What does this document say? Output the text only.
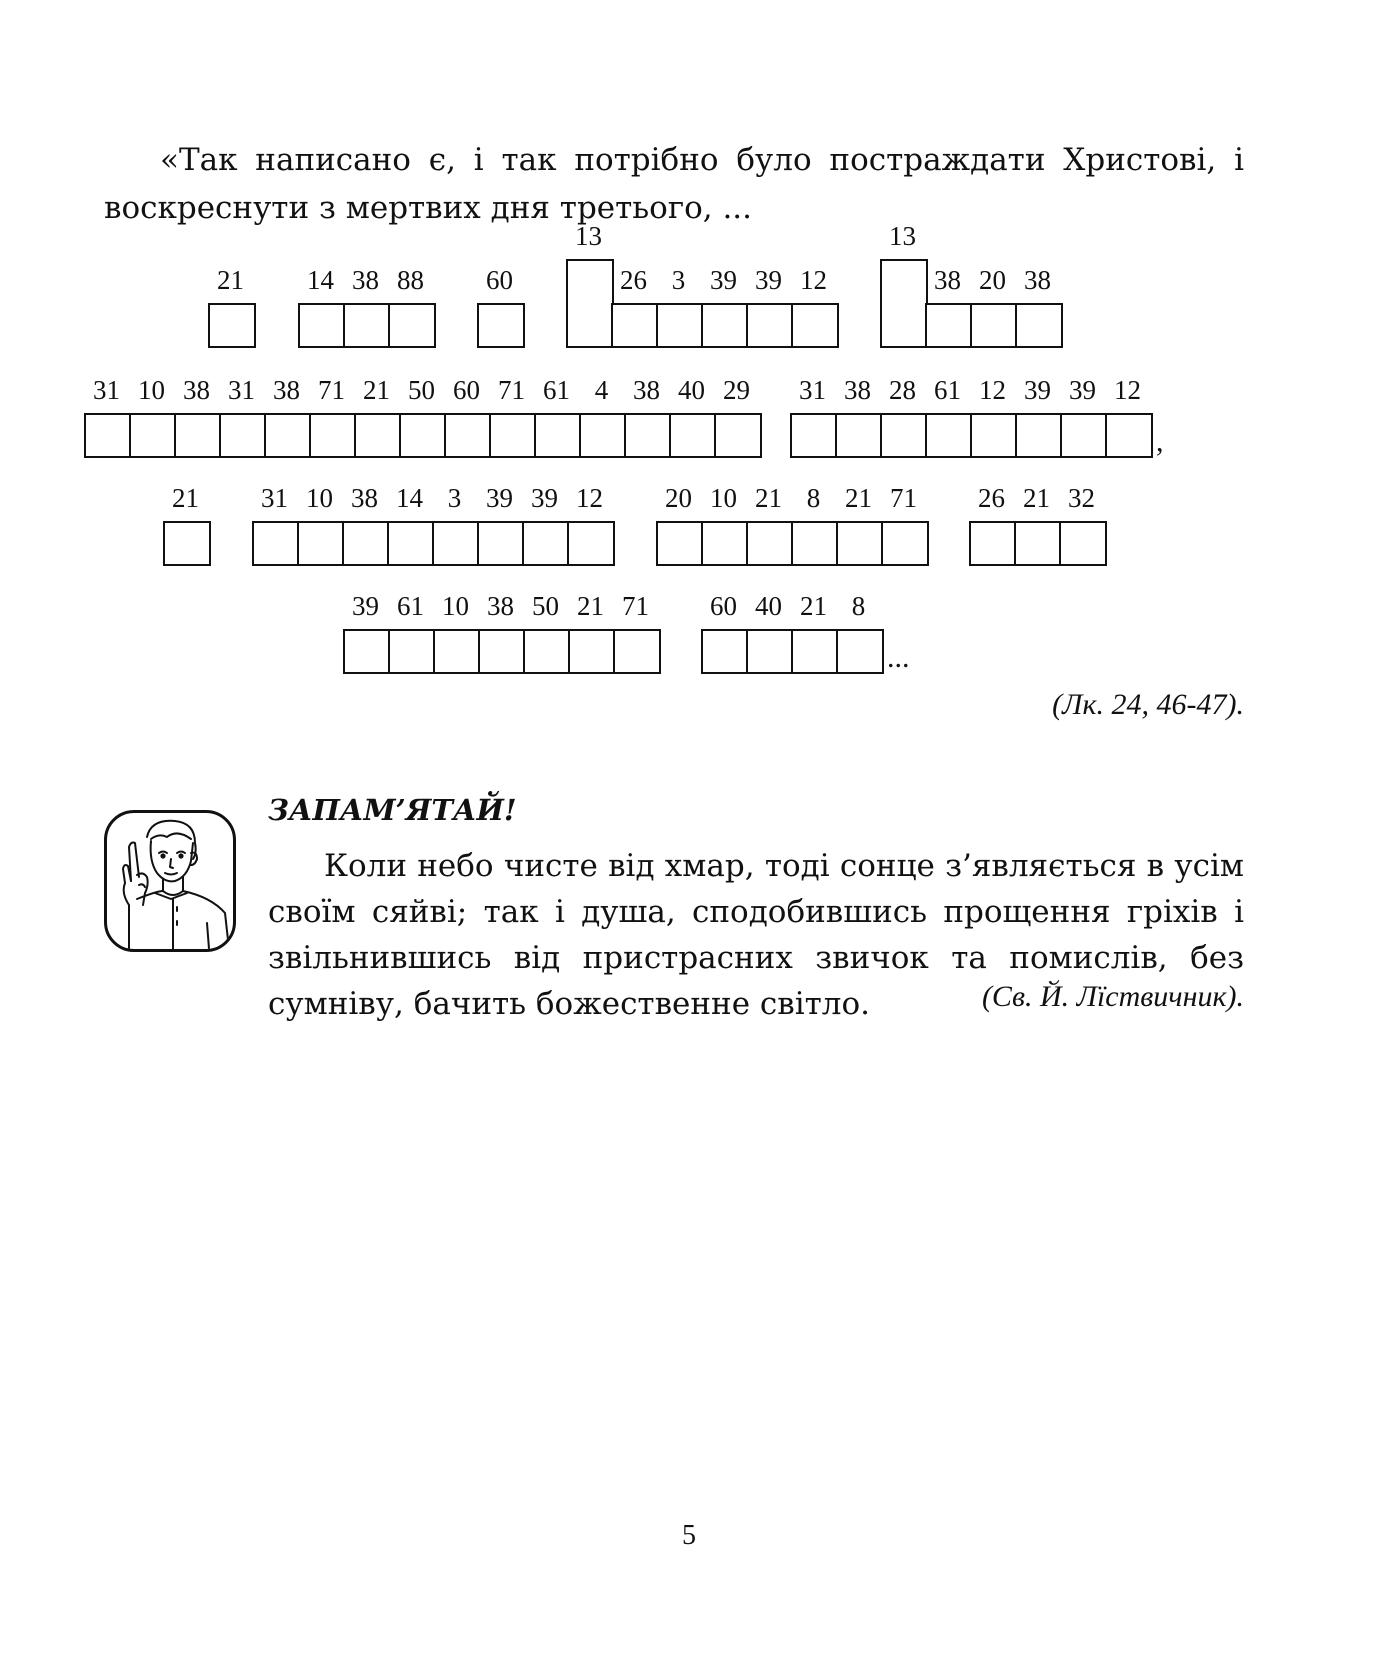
«Так написано є, і так потрібно було постраждати Христові, і воскреснути з мертвих дня третього, ...

21	14 38 88	60
13
26 3 39 39 12
13
38 20 38
31 10 38 31 38 71 21 50 60 71 61 4 38 40 29	31 38 28 61 12 39 39 12
,
21	31 10 38 14 3 39 39 12	20 10 21 8 21 71	26 21 32
39 61 10 38 50 21 71	60 40 21 8
...

(Лк. 24, 46-47).

ЗАПАМ’ЯТАЙ!

Коли небо чисте від хмар, тоді сонце з’являється в усім своїм сяйві; так і душа, сподобившись прощення гріхів і звільнившись від пристрасних звичок та помислів, без сумніву, бачить божественне світло.	(Св. Й. Лїствичник).

5
